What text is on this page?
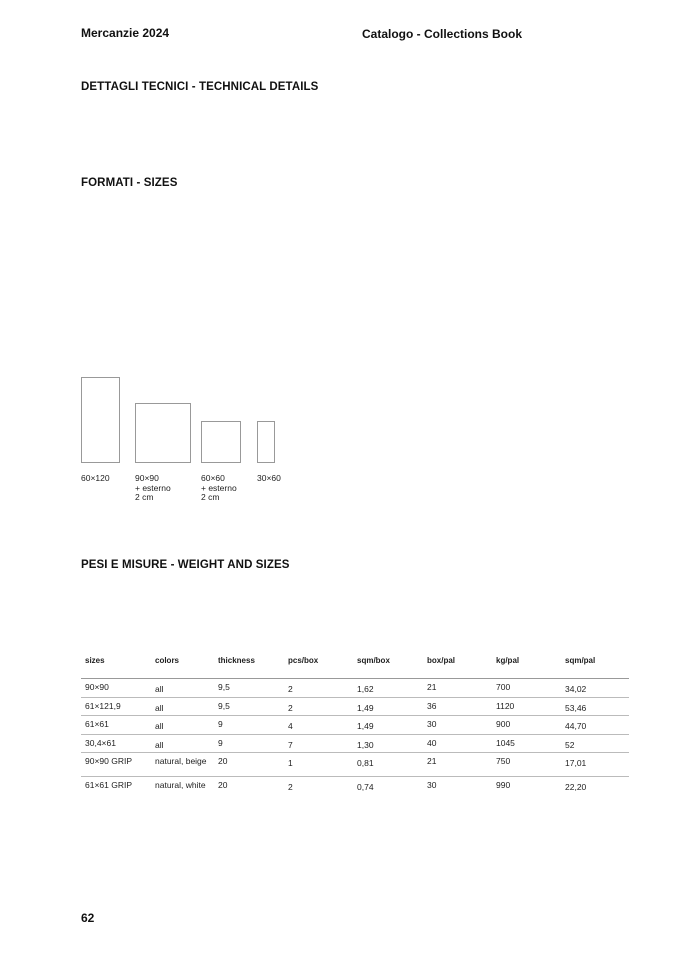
Mercanzie 2024	Catalogo - Collections Book
DETTAGLI TECNICI - TECHNICAL DETAILS
FORMATI - SIZES
60×120	90×90
+ esterno
2 cm
60×60
+ esterno
2 cm
30×60
PESI E MISURE - WEIGHT AND SIZES
sizes	colors	thickness	pcs/box	sqm/box	box/pal	kg/pal	sqm/pal
90×90	all	9,5	2	1,62	21	700	34,02
61×121,9	all	9,5	2	1,49	36	1120	53,46
61×61	all	9	4	1,49	30	900	44,70
30,4×61	all	9	7	1,30	40	1045	52
90×90 GRIP	natural, beige	20	1	0,81	21	750	17,01
61×61 GRIP	natural, white	20	2	0,74	30	990	22,20
62
